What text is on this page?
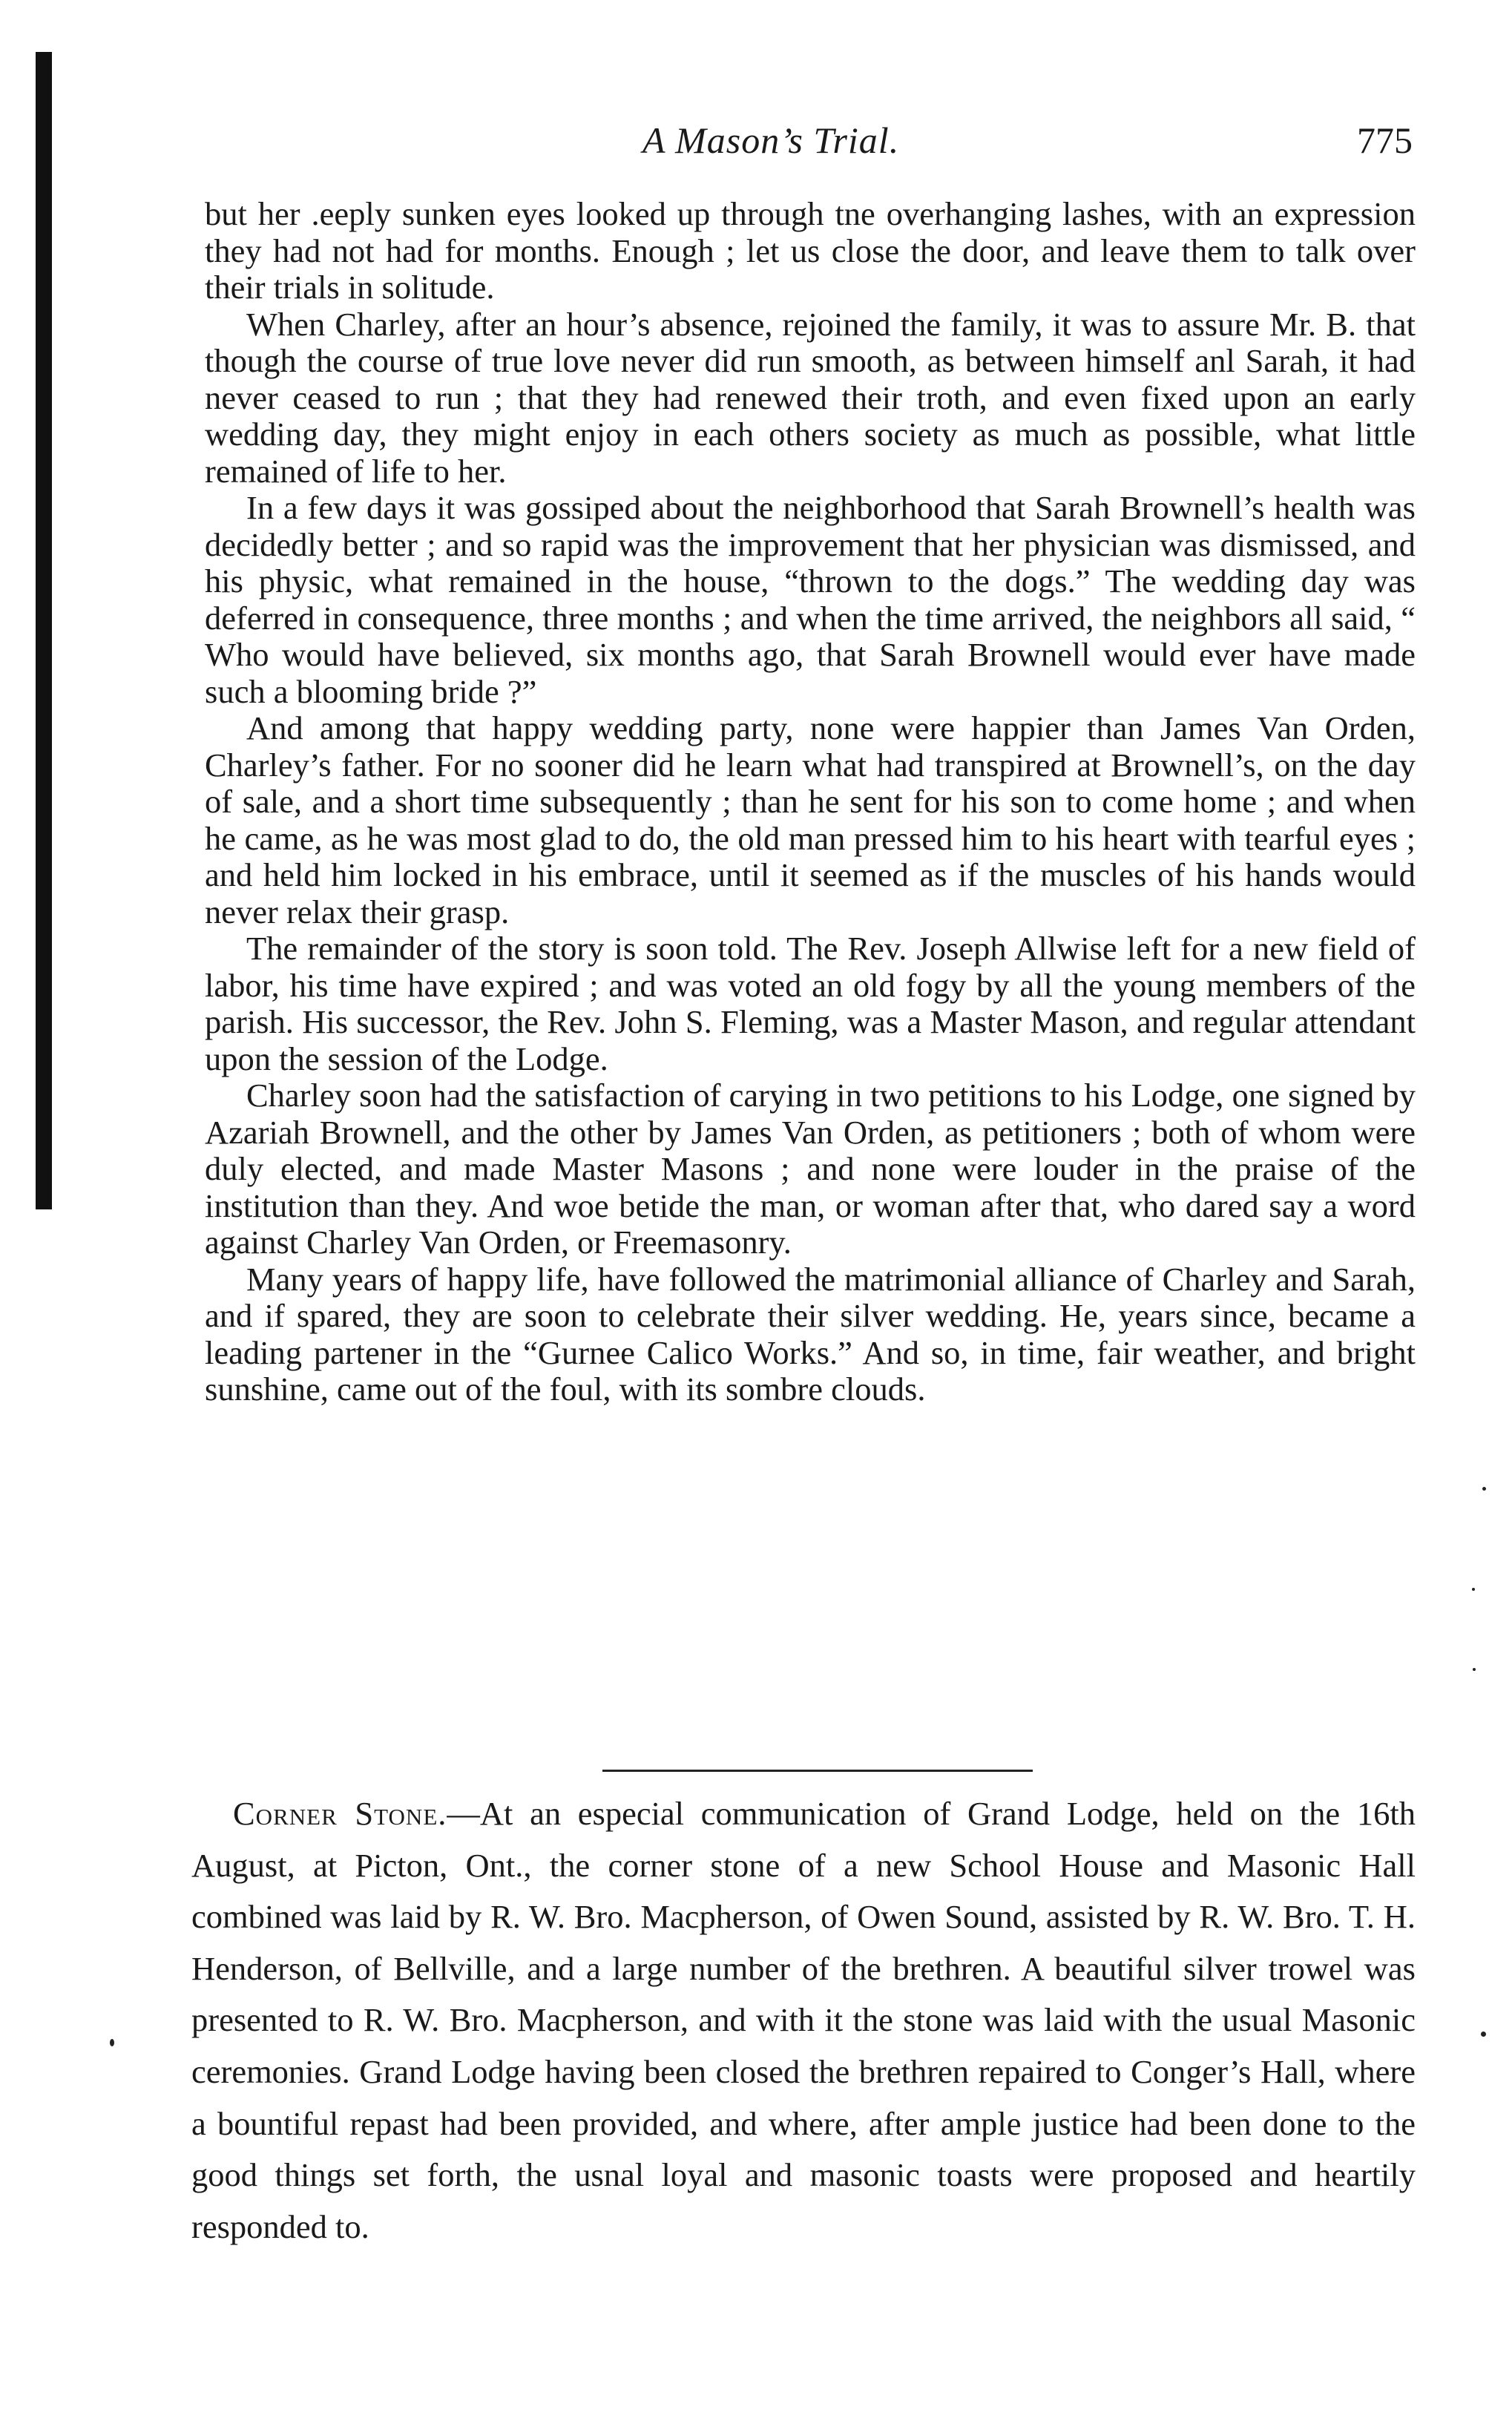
A Mason’s Trial.	775

but her .eeply sunken eyes looked up through tne overhanging lashes, with an expression they had not had for months. Enough ; let us close the door, and leave them to talk over their trials in solitude.

When Charley, after an hour’s absence, rejoined the family, it was to assure Mr. B. that though the course of true love never did run smooth, as between himself anl Sarah, it had never ceased to run ; that they had renewed their troth, and even fixed upon an early wedding day, they might enjoy in each others society as much as possible, what little remained of life to her.

In a few days it was gossiped about the neighborhood that Sarah Brownell’s health was decidedly better ; and so rapid was the improvement that her physician was dismissed, and his physic, what remained in the house, “thrown to the dogs.” The wedding day was deferred in consequence, three months ; and when the time arrived, the neighbors all said, “ Who would have believed, six months ago, that Sarah Brownell would ever have made such a blooming bride ?”

And among that happy wedding party, none were happier than James Van Orden, Charley’s father. For no sooner did he learn what had transpired at Brownell’s, on the day of sale, and a short time subsequently ; than he sent for his son to come home ; and when he came, as he was most glad to do, the old man pressed him to his heart with tearful eyes ; and held him locked in his embrace, until it seemed as if the muscles of his hands would never relax their grasp.

The remainder of the story is soon told. The Rev. Joseph Allwise left for a new field of labor, his time have expired ; and was voted an old fogy by all the young members of the parish. His successor, the Rev. John S. Fleming, was a Master Mason, and regular attendant upon the session of the Lodge.

Charley soon had the satisfaction of carying in two petitions to his Lodge, one signed by Azariah Brownell, and the other by James Van Orden, as petitioners ; both of whom were duly elected, and made Master Masons ; and none were louder in the praise of the institution than they. And woe betide the man, or woman after that, who dared say a word against Charley Van Orden, or Freemasonry.

Many years of happy life, have followed the matrimonial alliance of Charley and Sarah, and if spared, they are soon to celebrate their silver wedding. He, years since, became a leading partener in the “Gurnee Calico Works.” And so, in time, fair weather, and bright sunshine, came out of the foul, with its sombre clouds.

Corner Stone.—At an especial communication of Grand Lodge, held on the 16th August, at Picton, Ont., the corner stone of a new School House and Masonic Hall combined was laid by R. W. Bro. Macpherson, of Owen Sound, assisted by R. W. Bro. T. H. Henderson, of Bellville, and a large number of the brethren. A beautiful silver trowel was presented to R. W. Bro. Macpherson, and with it the stone was laid with the usual Masonic ceremonies. Grand Lodge having been closed the brethren repaired to Conger’s Hall, where a bountiful repast had been provided, and where, after ample justice had been done to the good things set forth, the usnal loyal and masonic toasts were proposed and heartily responded to.
